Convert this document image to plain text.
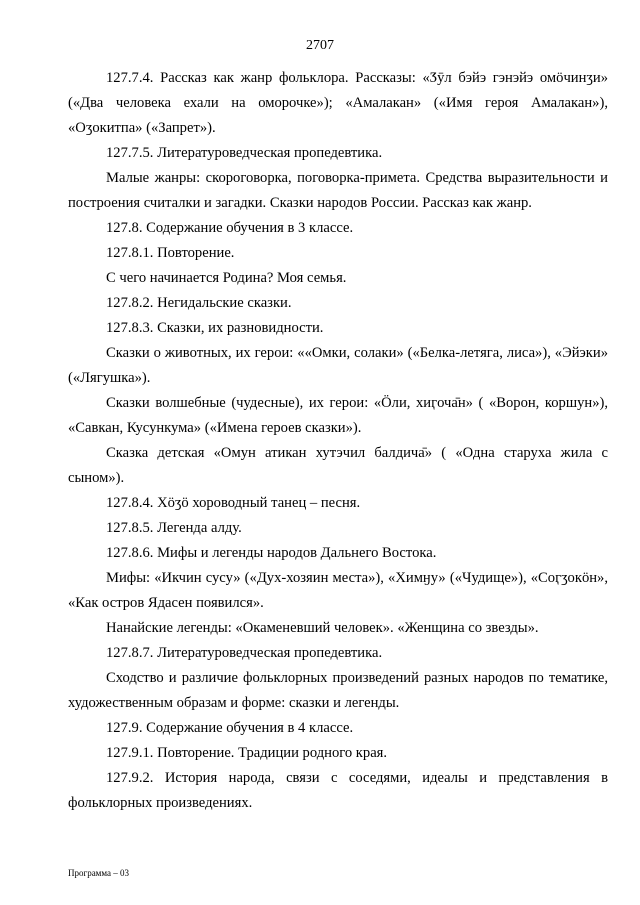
2707

127.7.4. Рассказ как жанр фольклора. Рассказы: «Ӡӯл бэйэ гэнэйэ омӧчинӡи» («Два человека ехали на оморочке»); «Амалакан» («Имя героя Амалакан»), «Оӡокитпа» («Запрет»).

127.7.5. Литературоведческая пропедевтика.

Малые жанры: скороговорка, поговорка-примета. Средства выразительности и построения считалки и загадки. Сказки народов России. Рассказ как жанр.

127.8. Содержание обучения в 3 классе.

127.8.1. Повторение.

С чего начинается Родина? Моя семья.

127.8.2. Негидальские сказки.

127.8.3. Сказки, их разновидности.

Сказки о животных, их герои: ««Омки, солаки» («Белка-летяга, лиса»), «Эйэки» («Лягушка»).

Сказки волшебные (чудесные), их герои: «Ӧли, хиӷоча̄н» ( «Ворон, коршун»), «Савкан, Кусункума» («Имена героев сказки»).

Сказка детская «Омун атикан хутэчил балдича̄» ( «Одна старуха жила с сыном»).

127.8.4. Хӧӡӧ хороводный танец – песня.

127.8.5. Легенда алду.

127.8.6. Мифы и легенды народов Дальнего Востока.

Мифы: «Икчин сусу» («Дух-хозяин места»), «Химӈу» («Чудище»), «Соӷӡокӧн», «Как остров Ядасен появился».

Нанайские легенды: «Окаменевший человек». «Женщина со звезды».

127.8.7. Литературоведческая пропедевтика.

Сходство и различие фольклорных произведений разных народов по тематике, художественным образам и форме: сказки и легенды.

127.9. Содержание обучения в 4 классе.

127.9.1. Повторение. Традиции родного края.

127.9.2. История народа, связи с соседями, идеалы и представления в фольклорных произведениях.

Программа – 03
